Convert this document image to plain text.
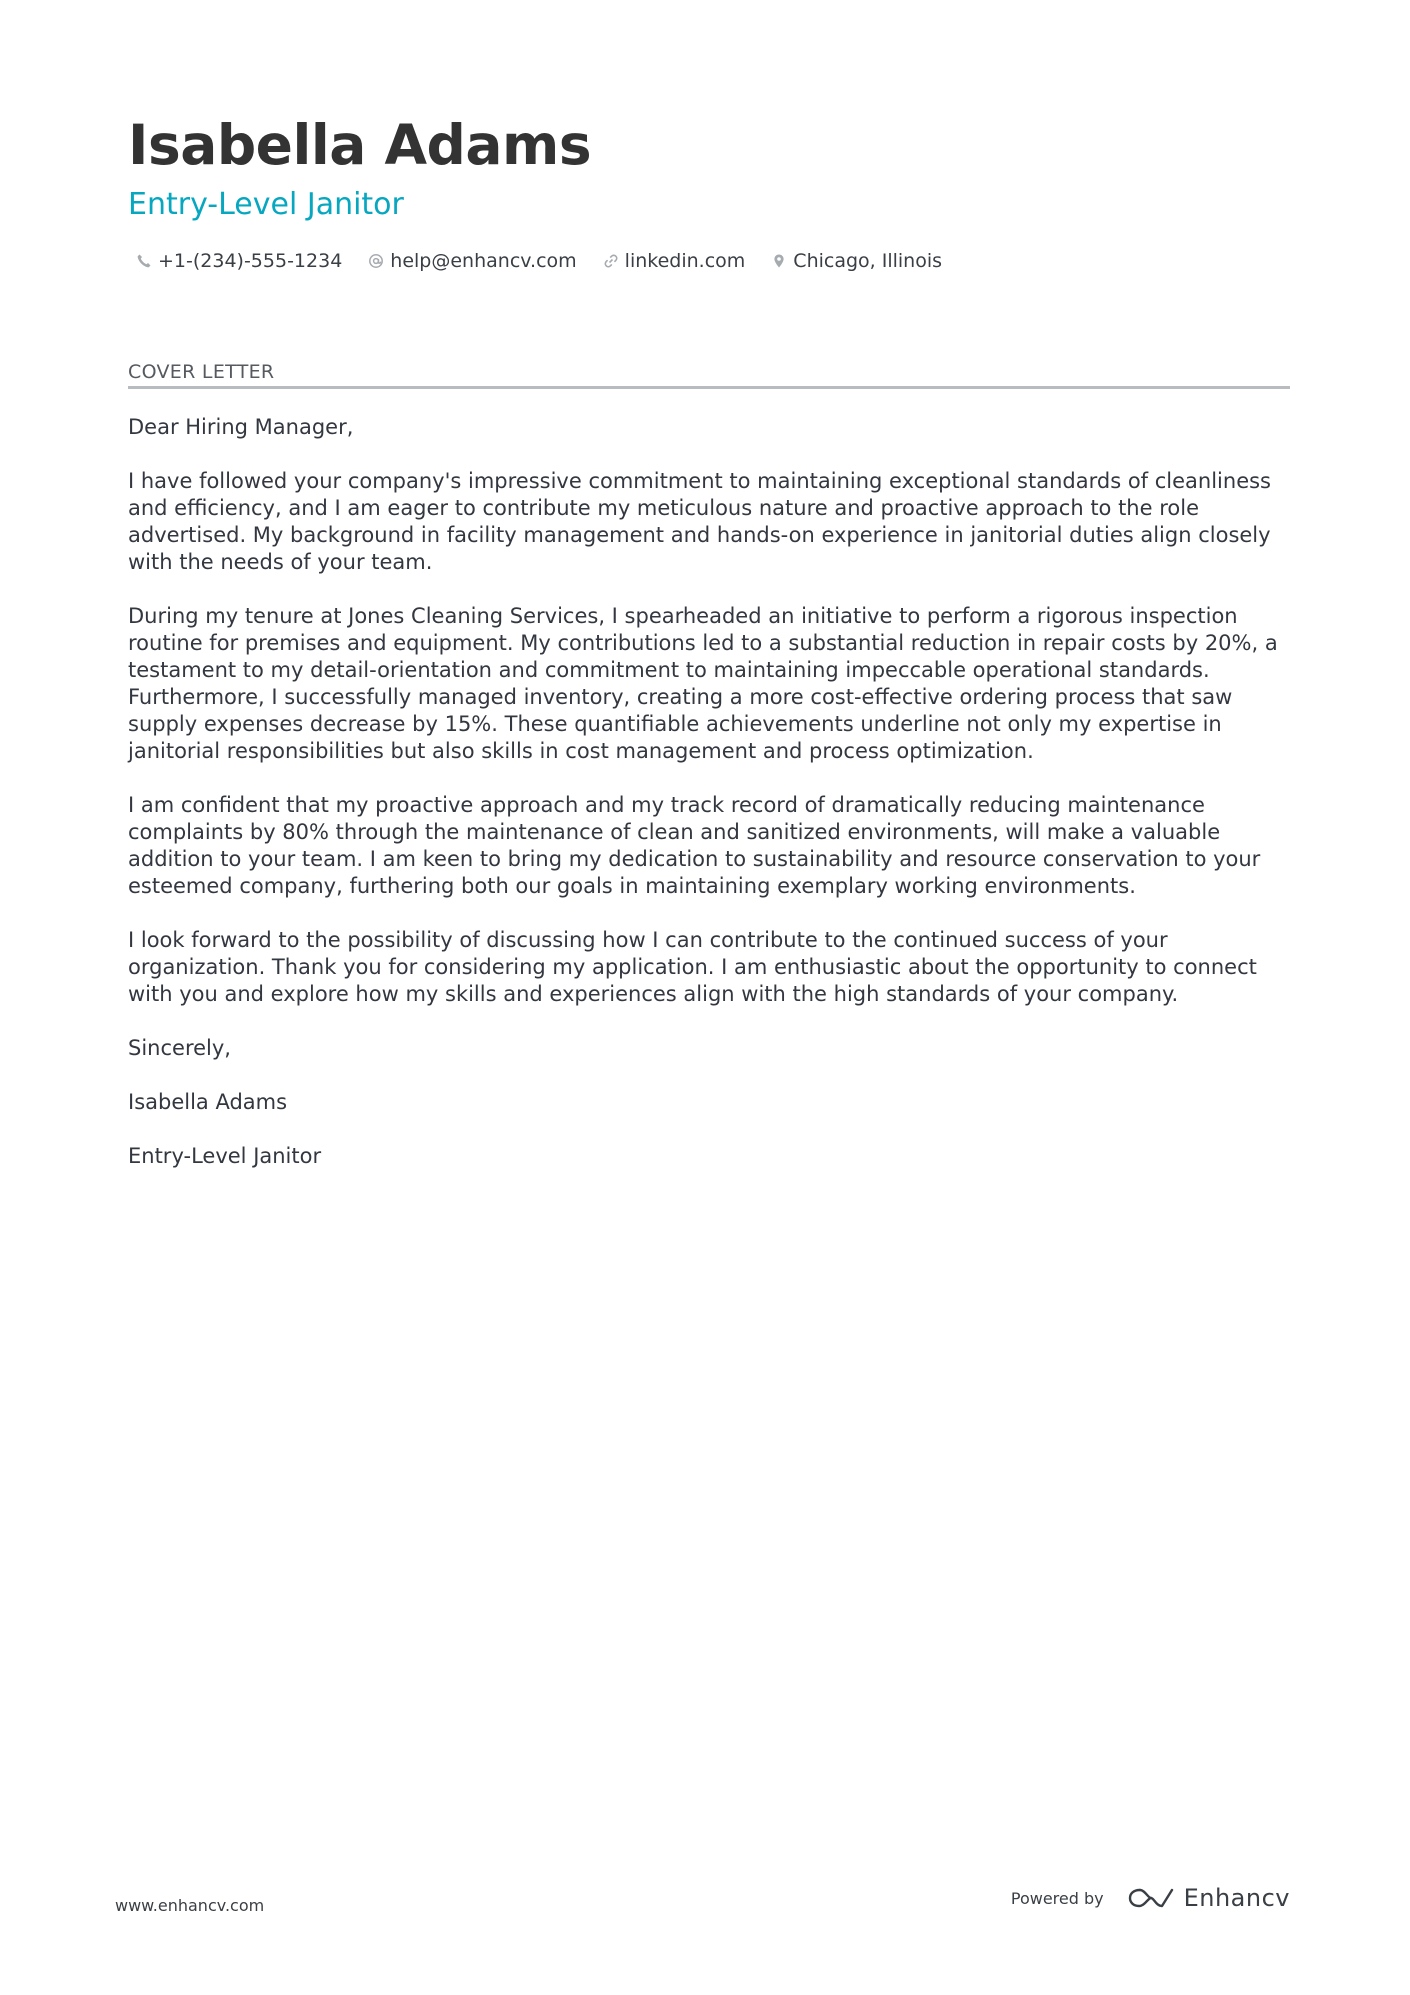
Isabella Adams
Entry-Level Janitor
+1-(234)-555-1234	help@enhancv.com	linkedin.com	Chicago, Illinois
COVER LETTER

Dear Hiring Manager,

I have followed your company's impressive commitment to maintaining exceptional standards of cleanliness and efficiency, and I am eager to contribute my meticulous nature and proactive approach to the role advertised. My background in facility management and hands-on experience in janitorial duties align closely with the needs of your team.

During my tenure at Jones Cleaning Services, I spearheaded an initiative to perform a rigorous inspection routine for premises and equipment. My contributions led to a substantial reduction in repair costs by 20%, a testament to my detail-orientation and commitment to maintaining impeccable operational standards. Furthermore, I successfully managed inventory, creating a more cost-effective ordering process that saw supply expenses decrease by 15%. These quantifiable achievements underline not only my expertise in janitorial responsibilities but also skills in cost management and process optimization.

I am confident that my proactive approach and my track record of dramatically reducing maintenance complaints by 80% through the maintenance of clean and sanitized environments, will make a valuable addition to your team. I am keen to bring my dedication to sustainability and resource conservation to your esteemed company, furthering both our goals in maintaining exemplary working environments.

I look forward to the possibility of discussing how I can contribute to the continued success of your organization. Thank you for considering my application. I am enthusiastic about the opportunity to connect with you and explore how my skills and experiences align with the high standards of your company.

Sincerely,

Isabella Adams

Entry-Level Janitor

www.enhancv.com	Powered by	Enhancv
